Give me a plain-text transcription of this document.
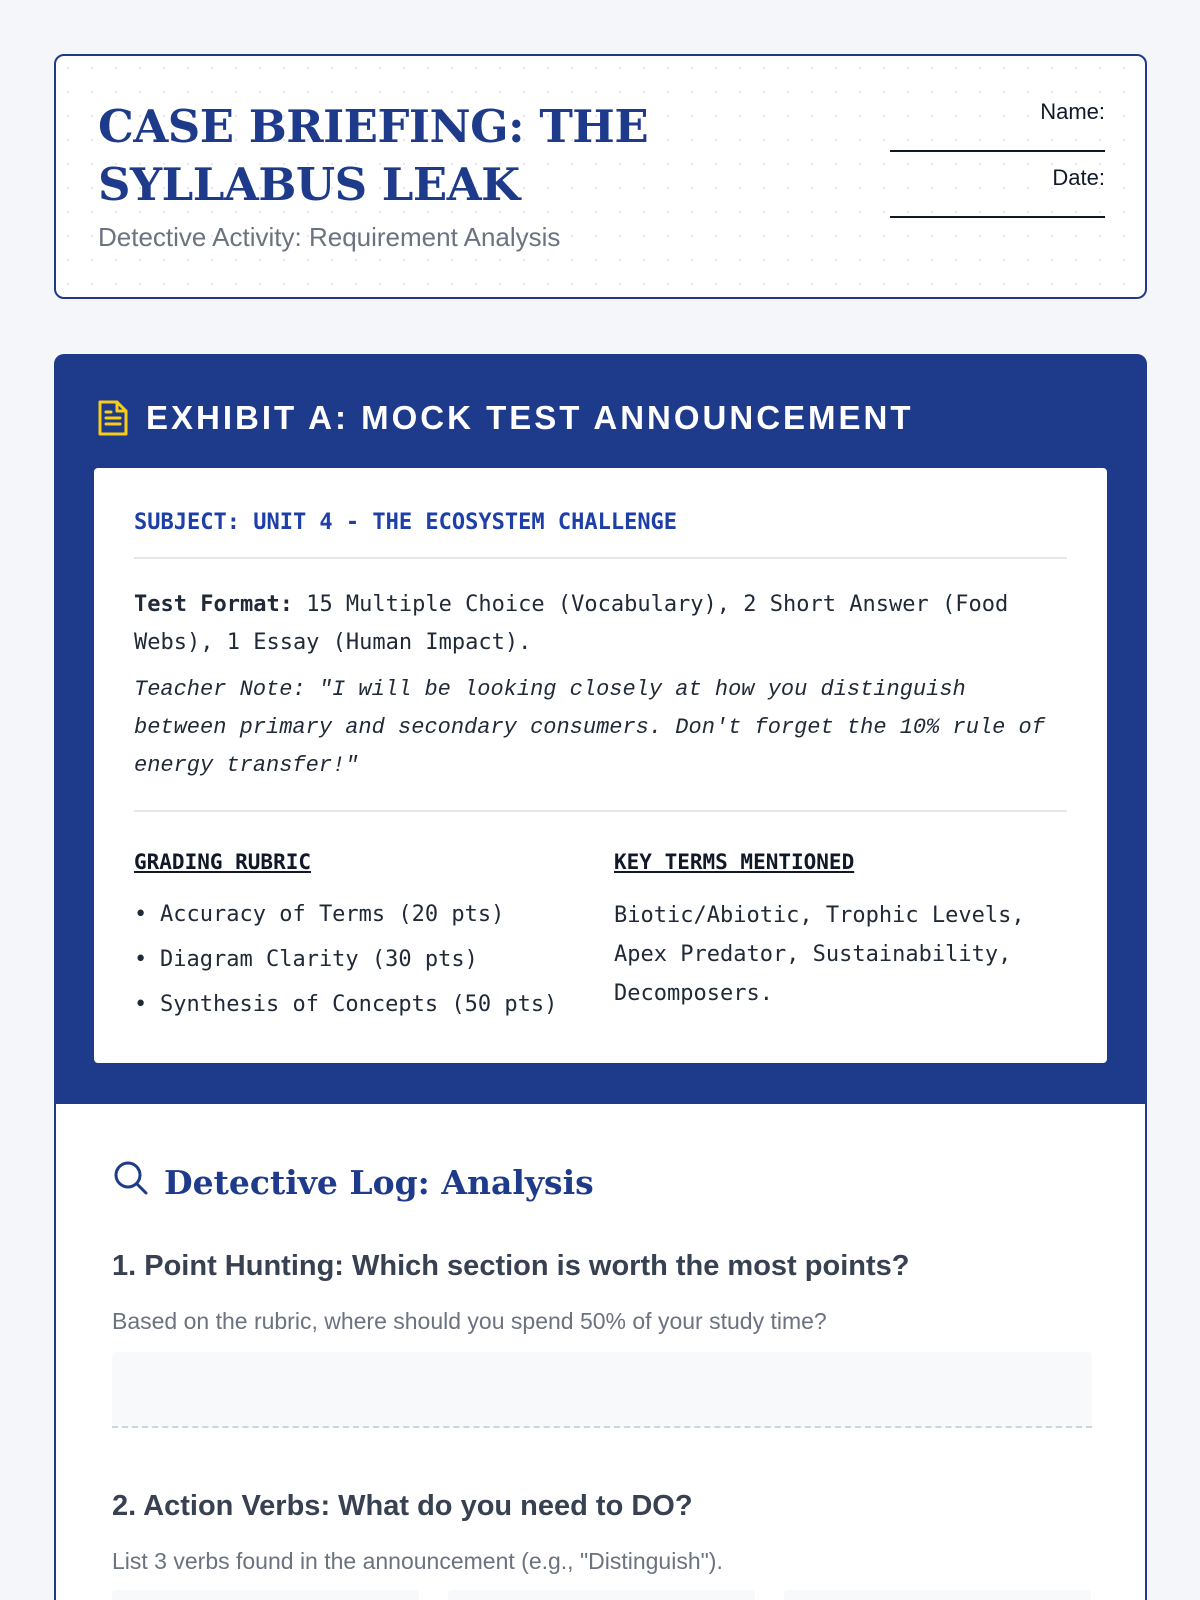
CASE BRIEFING: THE SYLLABUS LEAK
Detective Activity: Requirement Analysis
Name:
Date:
EXHIBIT A: MOCK TEST ANNOUNCEMENT
SUBJECT: UNIT 4 - THE ECOSYSTEM CHALLENGE

Test Format: 15 Multiple Choice (Vocabulary), 2 Short Answer (Food Webs), 1 Essay (Human Impact).

Teacher Note: "I will be looking closely at how you distinguish between primary and secondary consumers. Don't forget the 10% rule of energy transfer!"

GRADING RUBRIC
• Accuracy of Terms (20 pts)
• Diagram Clarity (30 pts)
• Synthesis of Concepts (50 pts)
KEY TERMS MENTIONED

Biotic/Abiotic, Trophic Levels, Apex Predator, Sustainability, Decomposers.

Detective Log: Analysis
1. Point Hunting: Which section is worth the most points?
Based on the rubric, where should you spend 50% of your study time?
2. Action Verbs: What do you need to DO?
List 3 verbs found in the announcement (e.g., "Distinguish").
